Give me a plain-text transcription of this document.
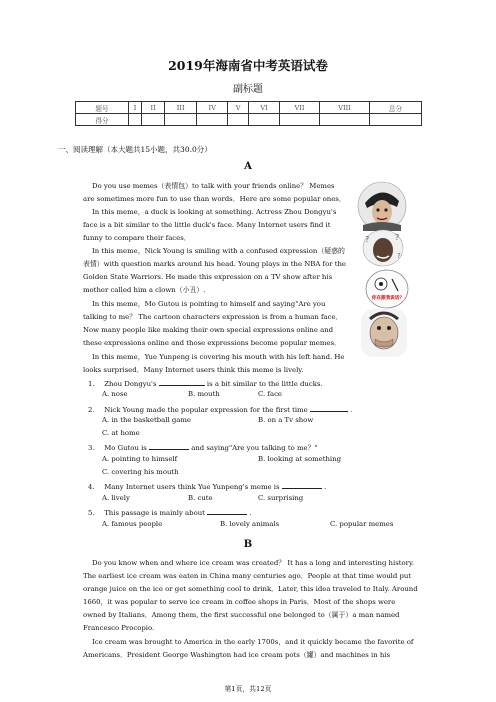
2019年海南省中考英语试卷
副标题
题号	I	II	III	IV	V	VI	VII	VIII	总分
得分									
一、阅读理解（本大题共15小题，共30.0分）
A
Do you use memes（表情包）to talk with your friends online？ Memes are sometimes more fun to use than words．Here are some popular ones．
In this meme，a duck is looking at something. Actress Zhou Dongyu's face is a bit similar to the little duck's face. Many Internet users find it funny to compare their faces．
In this meme，Nick Young is smiling with a confused expression（疑惑的表情）with question marks around his head. Young plays in the NBA for the Golden State Warriors. He made this expression on a TV show after his mother called him a clown（小丑）.
In this meme，Mo Gutou is pointing to himself and saying"Are you talking to me？ The cartoon characters expression is from a human face．Now many people like making their own special expressions online and these expressions online and those expressions become popular memes．
In this meme，Yue Yunpeng is covering his mouth with his left hand. He looks surprised．Many Internet users think this meme is lively.
?	?
?
你在跟我说话？
1. Zhou Dongyu's	is a bit similar to the little ducks.
A. nose	B. mouth	C. face
2. Nick Young made the popular expression for the first time	.
A. in the basketball game	B. on a Tv show
C. at home
3. Mo Gutou is	and saying"Are you talking to me？"
A. pointing to himself	B. looking at something
C. covering his mouth
4. Many Internet users think Yue Yunpeng's meme is	.
A. lively	B. cute	C. surprising
5. This passage is mainly about	.
A. famous people	B. lovely animals	C. popular memes
B
Do you know when and where ice cream was created？ It has a long and interesting history. The earliest ice cream was eaten in China many centuries ago．People at that time would put orange juice on the ice or get something cool to drink．Later, this idea traveled to Italy. Around 1660，it was popular to serve ice cream in coffee shops in Paris．Most of the shops were owned by Italians．Among them, the first successful one belonged to（属于）a man named Francesco Procopio.
Ice cream was brought to America in the early 1700s，and it quickly became the favorite of Americans．President George Washington had ice cream pots（罐）and machines in his
第1页，共12页
